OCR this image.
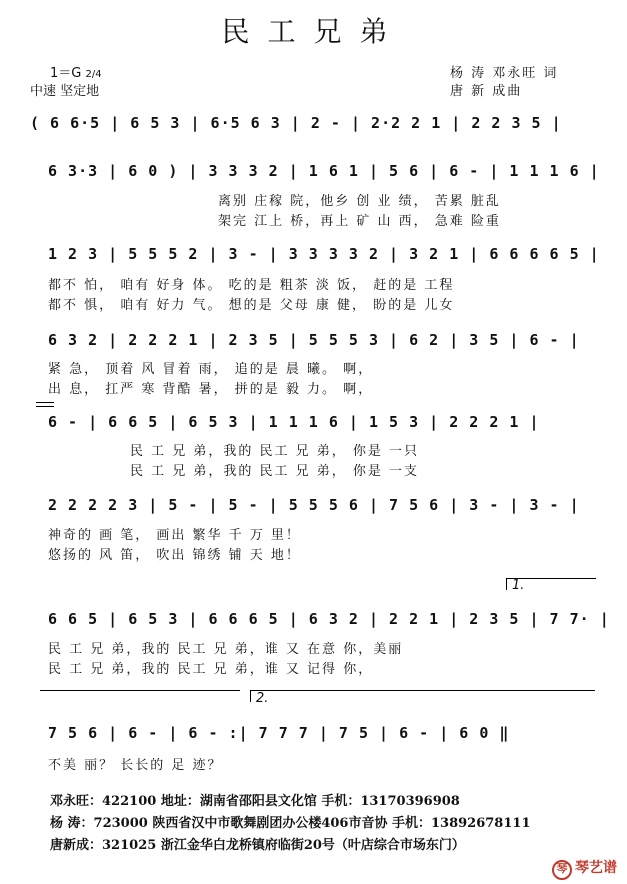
民工兄弟
1＝G 2/4
中速 坚定地
杨 涛 邓永旺 词
唐 新 成曲
( 6 6·5 | 6 5 3 | 6·5 6 3 | 2 - | 2·2 2 1 | 2 2 3 5 |
6 3·3 | 6 0 ) | 3 3 3 2 | 1 6 1 | 5 6 | 6 - | 1 1 1 6 |
离别 庄稼 院，他乡 创 业 绩， 苦累 脏乱
架完 江上 桥，再上 矿 山 西， 急难 险重
1 2 3 | 5 5 5 2 | 3 - | 3 3 3 3 2 | 3 2 1 | 6 6 6 6 5 |
都不 怕， 咱有 好身 体。 吃的是 粗茶 淡 饭， 赶的是 工程
都不 惧， 咱有 好力 气。 想的是 父母 康 健， 盼的是 儿女
6 3 2 | 2 2 2 1 | 2 3 5 | 5 5 5 3 | 6 2 | 3 5 | 6 - |
紧 急， 顶着 风 冒着 雨， 追的是 晨 曦。 啊，
出 息， 扛严 寒 背酷 暑， 拼的是 毅 力。 啊，
6 - | 6 6 5 | 6 5 3 | 1 1 1 6 | 1 5 3 | 2 2 2 1 |
民 工 兄 弟，我的 民工 兄 弟， 你是 一只
民 工 兄 弟，我的 民工 兄 弟， 你是 一支
2 2 2 2 3 | 5 - | 5 - | 5 5 5 6 | 7 5 6 | 3 - | 3 - |
神奇的 画 笔， 画出 繁华 千 万 里！
悠扬的 风 笛， 吹出 锦绣 铺 天 地！
1.
6 6 5 | 6 5 3 | 6 6 6 5 | 6 3 2 | 2 2 1 | 2 3 5 | 7 7· |
民 工 兄 弟，我的 民工 兄 弟，谁 又 在意 你，美丽
民 工 兄 弟，我的 民工 兄 弟，谁 又 记得 你，
2.
7 5 6 | 6 - | 6 - :| 7 7 7 | 7 5 | 6 - | 6 0 ‖
不美 丽？ 长长的 足 迹？
邓永旺：422100 地址：湖南省邵阳县文化馆 手机：13170396908
杨 涛：723000 陕西省汉中市歌舞剧团办公楼406市音协 手机：13892678111
唐新成：321025 浙江金华白龙桥镇府临街20号（叶店综合市场东门）
琴 琴艺谱
